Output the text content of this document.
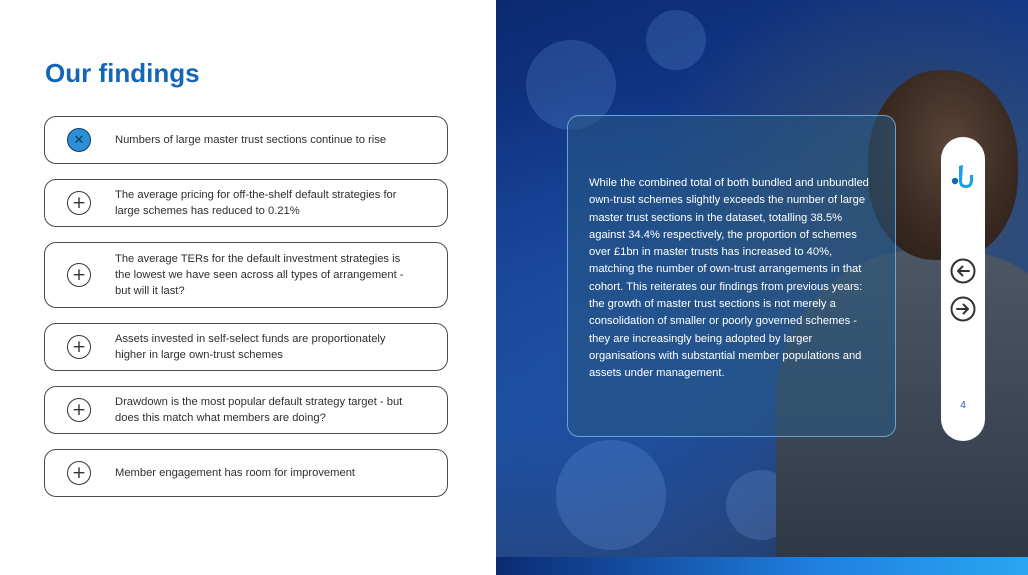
Our findings
✕	Numbers of large master trust sections continue to rise
+	The average pricing for off-the-shelf default strategies for large schemes has reduced to 0.21%
+
The average TERs for the default investment strategies is the lowest we have seen across all types of arrangement - but will it last?
+	Assets invested in self-select funds are proportionately higher in large own-trust schemes
+	Drawdown is the most popular default strategy target - but does this match what members are doing?
+	Member engagement has room for improvement
While the combined total of both bundled and unbundled own-trust schemes slightly exceeds the number of large master trust sections in the dataset, totalling 38.5% against 34.4% respectively, the proportion of schemes over £1bn in master trusts has increased to 40%, matching the number of own-trust arrangements in that cohort. This reiterates our findings from previous years: the growth of master trust sections is not merely a consolidation of smaller or poorly governed schemes - they are increasingly being adopted by larger organisations with substantial member populations and assets under management.
4
